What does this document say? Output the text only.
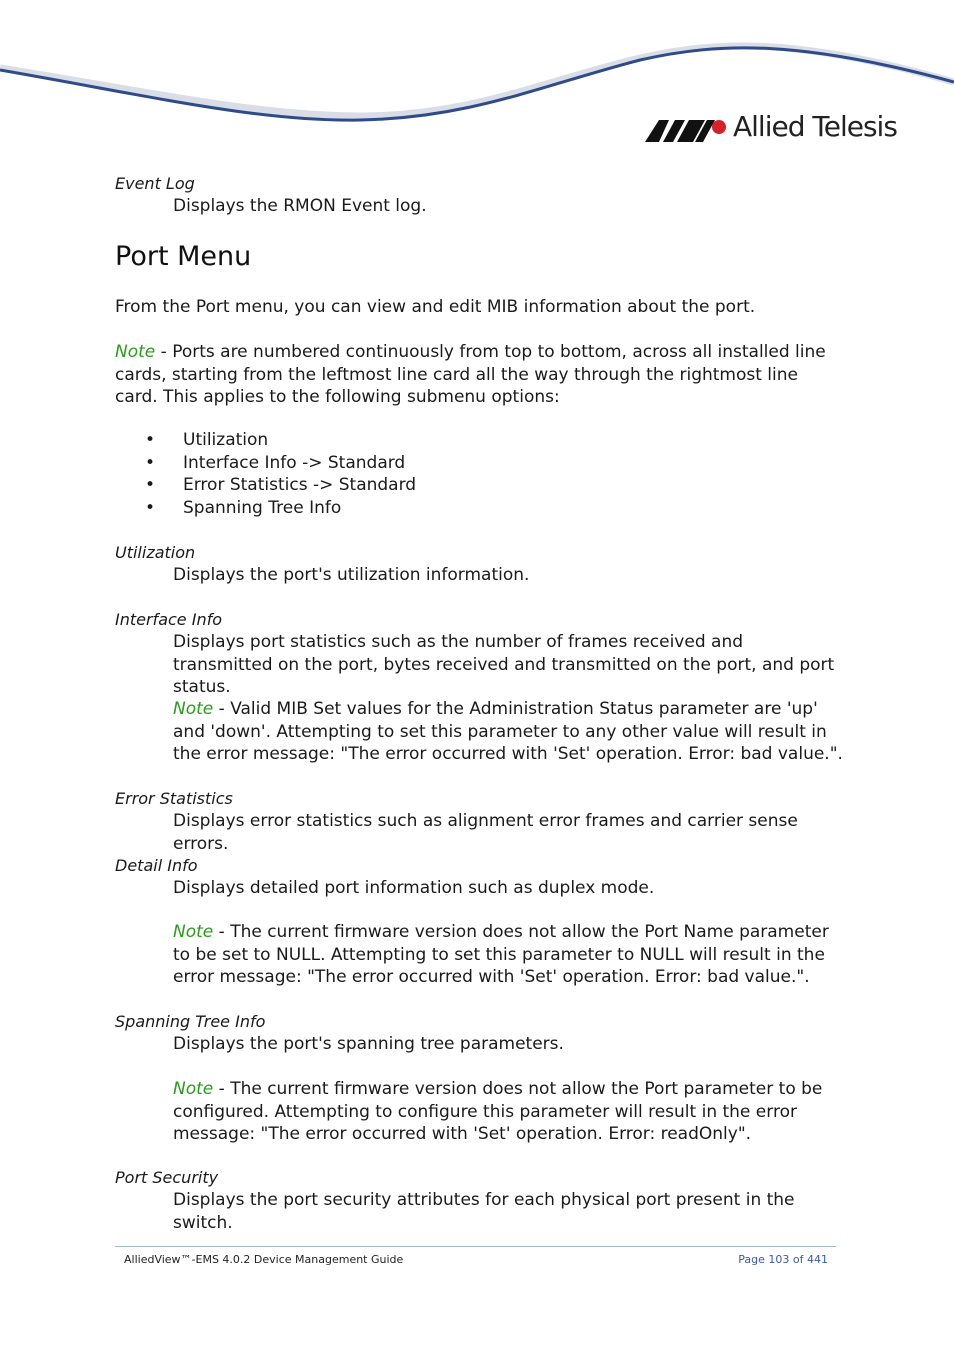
Allied Telesis
Event Log

Displays the RMON Event log.

Port Menu

From the Port menu, you can view and edit MIB information about the port.

Note - Ports are numbered continuously from top to bottom, across all installed line cards, starting from the leftmost line card all the way through the rightmost line card. This applies to the following submenu options:

• Utilization
• Interface Info -> Standard
• Error Statistics -> Standard
• Spanning Tree Info
Utilization

Displays the port's utilization information.

Interface Info

Displays port statistics such as the number of frames received and transmitted on the port, bytes received and transmitted on the port, and port status.

Note - Valid MIB Set values for the Administration Status parameter are 'up' and 'down'. Attempting to set this parameter to any other value will result in the error message: "The error occurred with 'Set' operation. Error: bad value.".

Error Statistics

Displays error statistics such as alignment error frames and carrier sense errors.

Detail Info

Displays detailed port information such as duplex mode.

Note - The current firmware version does not allow the Port Name parameter to be set to NULL. Attempting to set this parameter to NULL will result in the error message: "The error occurred with 'Set' operation. Error: bad value.".

Spanning Tree Info

Displays the port's spanning tree parameters.

Note - The current firmware version does not allow the Port parameter to be configured. Attempting to configure this parameter will result in the error message: "The error occurred with 'Set' operation. Error: readOnly".

Port Security

Displays the port security attributes for each physical port present in the switch.

AlliedView™-EMS 4.0.2 Device Management Guide	Page 103 of 441
